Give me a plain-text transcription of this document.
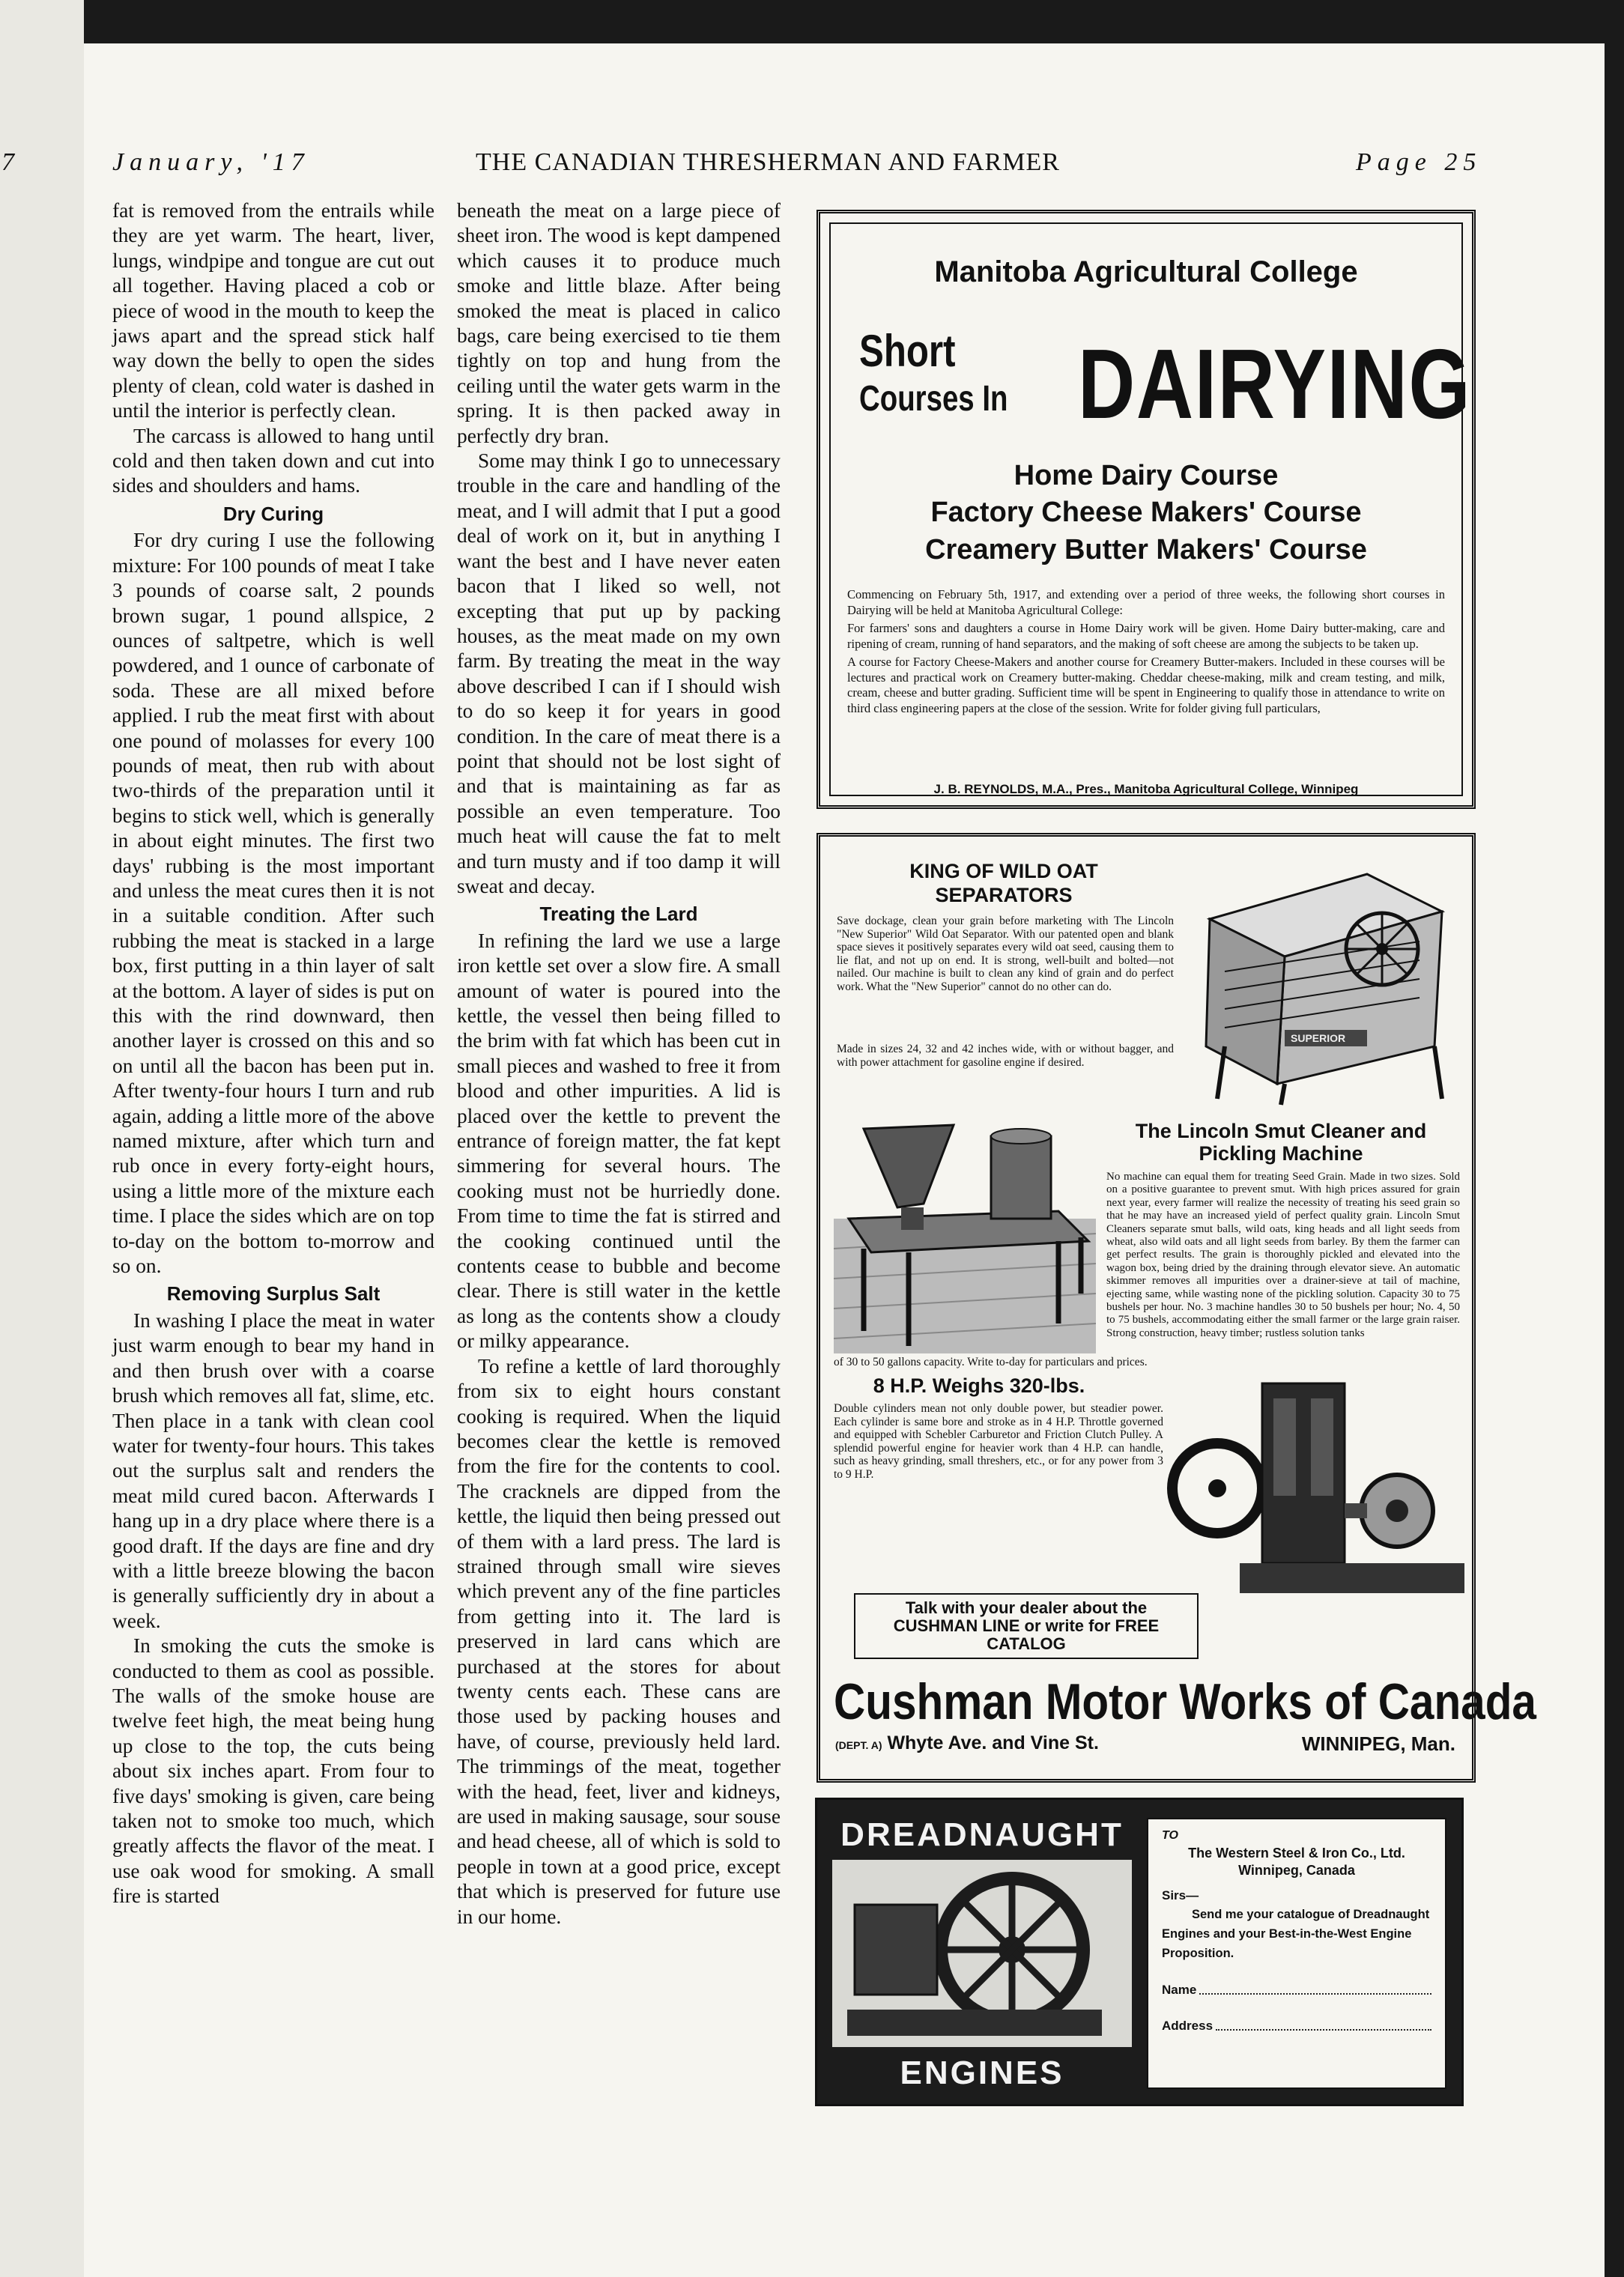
7	January, '17	THE CANADIAN THRESHERMAN AND FARMER	Page 25

fat is removed from the entrails while they are yet warm. The heart, liver, lungs, windpipe and tongue are cut out all together. Having placed a cob or piece of wood in the mouth to keep the jaws apart and the spread stick half way down the belly to open the sides plenty of clean, cold water is dashed in until the interior is perfectly clean.

The carcass is allowed to hang until cold and then taken down and cut into sides and shoulders and hams.

Dry Curing

For dry curing I use the following mixture: For 100 pounds of meat I take 3 pounds of coarse salt, 2 pounds brown sugar, 1 pound allspice, 2 ounces of saltpetre, which is well powdered, and 1 ounce of carbonate of soda. These are all mixed before applied. I rub the meat first with about one pound of molasses for every 100 pounds of meat, then rub with about two-thirds of the preparation until it begins to stick well, which is generally in about eight minutes. The first two days' rubbing is the most important and unless the meat cures then it is not in a suitable condition. After such rubbing the meat is stacked in a large box, first putting in a thin layer of salt at the bottom. A layer of sides is put on this with the rind downward, then another layer is crossed on this and so on until all the bacon has been put in. After twenty-four hours I turn and rub again, adding a little more of the above named mixture, after which turn and rub once in every forty-eight hours, using a little more of the mixture each time. I place the sides which are on top to-day on the bottom to-morrow and so on.

Removing Surplus Salt

In washing I place the meat in water just warm enough to bear my hand in and then brush over with a coarse brush which removes all fat, slime, etc. Then place in a tank with clean cool water for twenty-four hours. This takes out the surplus salt and renders the meat mild cured bacon. Afterwards I hang up in a dry place where there is a good draft. If the days are fine and dry with a little breeze blowing the bacon is generally sufficiently dry in about a week.

In smoking the cuts the smoke is conducted to them as cool as possible. The walls of the smoke house are twelve feet high, the meat being hung up close to the top, the cuts being about six inches apart. From four to five days' smoking is given, care being taken not to smoke too much, which greatly affects the flavor of the meat. I use oak wood for smoking. A small fire is started

beneath the meat on a large piece of sheet iron. The wood is kept dampened which causes it to produce much smoke and little blaze. After being smoked the meat is placed in calico bags, care being exercised to tie them tightly on top and hung from the ceiling until the water gets warm in the spring. It is then packed away in perfectly dry bran.

Some may think I go to unnecessary trouble in the care and handling of the meat, and I will admit that I put a good deal of work on it, but in anything I want the best and I have never eaten bacon that I liked so well, not excepting that put up by packing houses, as the meat made on my own farm. By treating the meat in the way above described I can if I should wish to do so keep it for years in good condition. In the care of meat there is a point that should not be lost sight of and that is maintaining as far as possible an even temperature. Too much heat will cause the fat to melt and turn musty and if too damp it will sweat and decay.

Treating the Lard

In refining the lard we use a large iron kettle set over a slow fire. A small amount of water is poured into the kettle, the vessel then being filled to the brim with fat which has been cut in small pieces and washed to free it from blood and other impurities. A lid is placed over the kettle to prevent the entrance of foreign matter, the fat kept simmering for several hours. The cooking must not be hurriedly done. From time to time the fat is stirred and the cooking continued until the contents cease to bubble and become clear. There is still water in the kettle as long as the contents show a cloudy or milky appearance.

To refine a kettle of lard thoroughly from six to eight hours constant cooking is required. When the liquid becomes clear the kettle is removed from the fire for the contents to cool. The cracknels are dipped from the kettle, the liquid then being pressed out of them with a lard press. The lard is strained through small wire sieves which prevent any of the fine particles from getting into it. The lard is preserved in lard cans which are purchased at the stores for about twenty cents each. These cans are those used by packing houses and have, of course, previously held lard. The trimmings of the meat, together with the head, feet, liver and kidneys, are used in making sausage, sour souse and head cheese, all of which is sold to people in town at a good price, except that which is preserved for future use in our home.

Manitoba Agricultural College
Short
Courses In DAIRYING
Home Dairy Course
Factory Cheese Makers' Course
Creamery Butter Makers' Course

Commencing on February 5th, 1917, and extending over a period of three weeks, the following short courses in Dairying will be held at Manitoba Agricultural College:

For farmers' sons and daughters a course in Home Dairy work will be given. Home Dairy butter-making, care and ripening of cream, running of hand separators, and the making of soft cheese are among the subjects to be taken up.

A course for Factory Cheese-Makers and another course for Creamery Butter-makers. Included in these courses will be lectures and practical work on Creamery butter-making. Cheddar cheese-making, milk and cream testing, and milk, cream, cheese and butter grading. Sufficient time will be spent in Engineering to qualify those in attendance to write on third class engineering papers at the close of the session. Write for folder giving full particulars,

J. B. REYNOLDS, M.A., Pres., Manitoba Agricultural College, Winnipeg
KING OF WILD OAT SEPARATORS
Save dockage, clean your grain before marketing with The Lincoln "New Superior" Wild Oat Separator. With our patented open and blank space sieves it positively separates every wild oat seed, causing them to lie flat, and not up on end. It is strong, well-built and bolted—not nailed. Our machine is built to clean any kind of grain and do perfect work. What the "New Superior" cannot do no other can do.
Made in sizes 24, 32 and 42 inches wide, with or without bagger, and with power attachment for gasoline engine if desired.
SUPERIOR
The Lincoln Smut Cleaner and Pickling Machine
No machine can equal them for treating Seed Grain. Made in two sizes. Sold on a positive guarantee to prevent smut. With high prices assured for grain next year, every farmer will realize the necessity of treating his seed grain so that he may have an increased yield of perfect quality grain. Lincoln Smut Cleaners separate smut balls, wild oats, king heads and all light seeds from wheat, also wild oats and all light seeds from barley. By them the farmer can get perfect results. The grain is thoroughly pickled and elevated into the wagon box, being dried by the draining through elevator sieve. An automatic skimmer removes all impurities over a drainer-sieve at tail of machine, ejecting same, while wasting none of the pickling solution. Capacity 30 to 75 bushels per hour. No. 3 machine handles 30 to 50 bushels per hour; No. 4, 50 to 75 bushels, accommodating either the small farmer or the large grain raiser. Strong construction, heavy timber; rustless solution tanks
of 30 to 50 gallons capacity. Write to-day for particulars and prices.
8 H.P. Weighs 320-lbs.
Double cylinders mean not only double power, but steadier power. Each cylinder is same bore and stroke as in 4 H.P. Throttle governed and equipped with Schebler Carburetor and Friction Clutch Pulley. A splendid powerful engine for heavier work than 4 H.P. can handle, such as heavy grinding, small threshers, etc., or for any power from 3 to 9 H.P.
Talk with your dealer about the CUSHMAN LINE or write for FREE CATALOG
Cushman Motor Works of Canada
(DEPT. A) Whyte Ave. and Vine St.	WINNIPEG, Man.
DREADNAUGHT
ENGINES
TO
The Western Steel & Iron Co., Ltd.
Winnipeg, Canada
Sirs—
Send me your catalogue of Dreadnaught Engines and your Best-in-the-West Engine Proposition.
Name
Address
